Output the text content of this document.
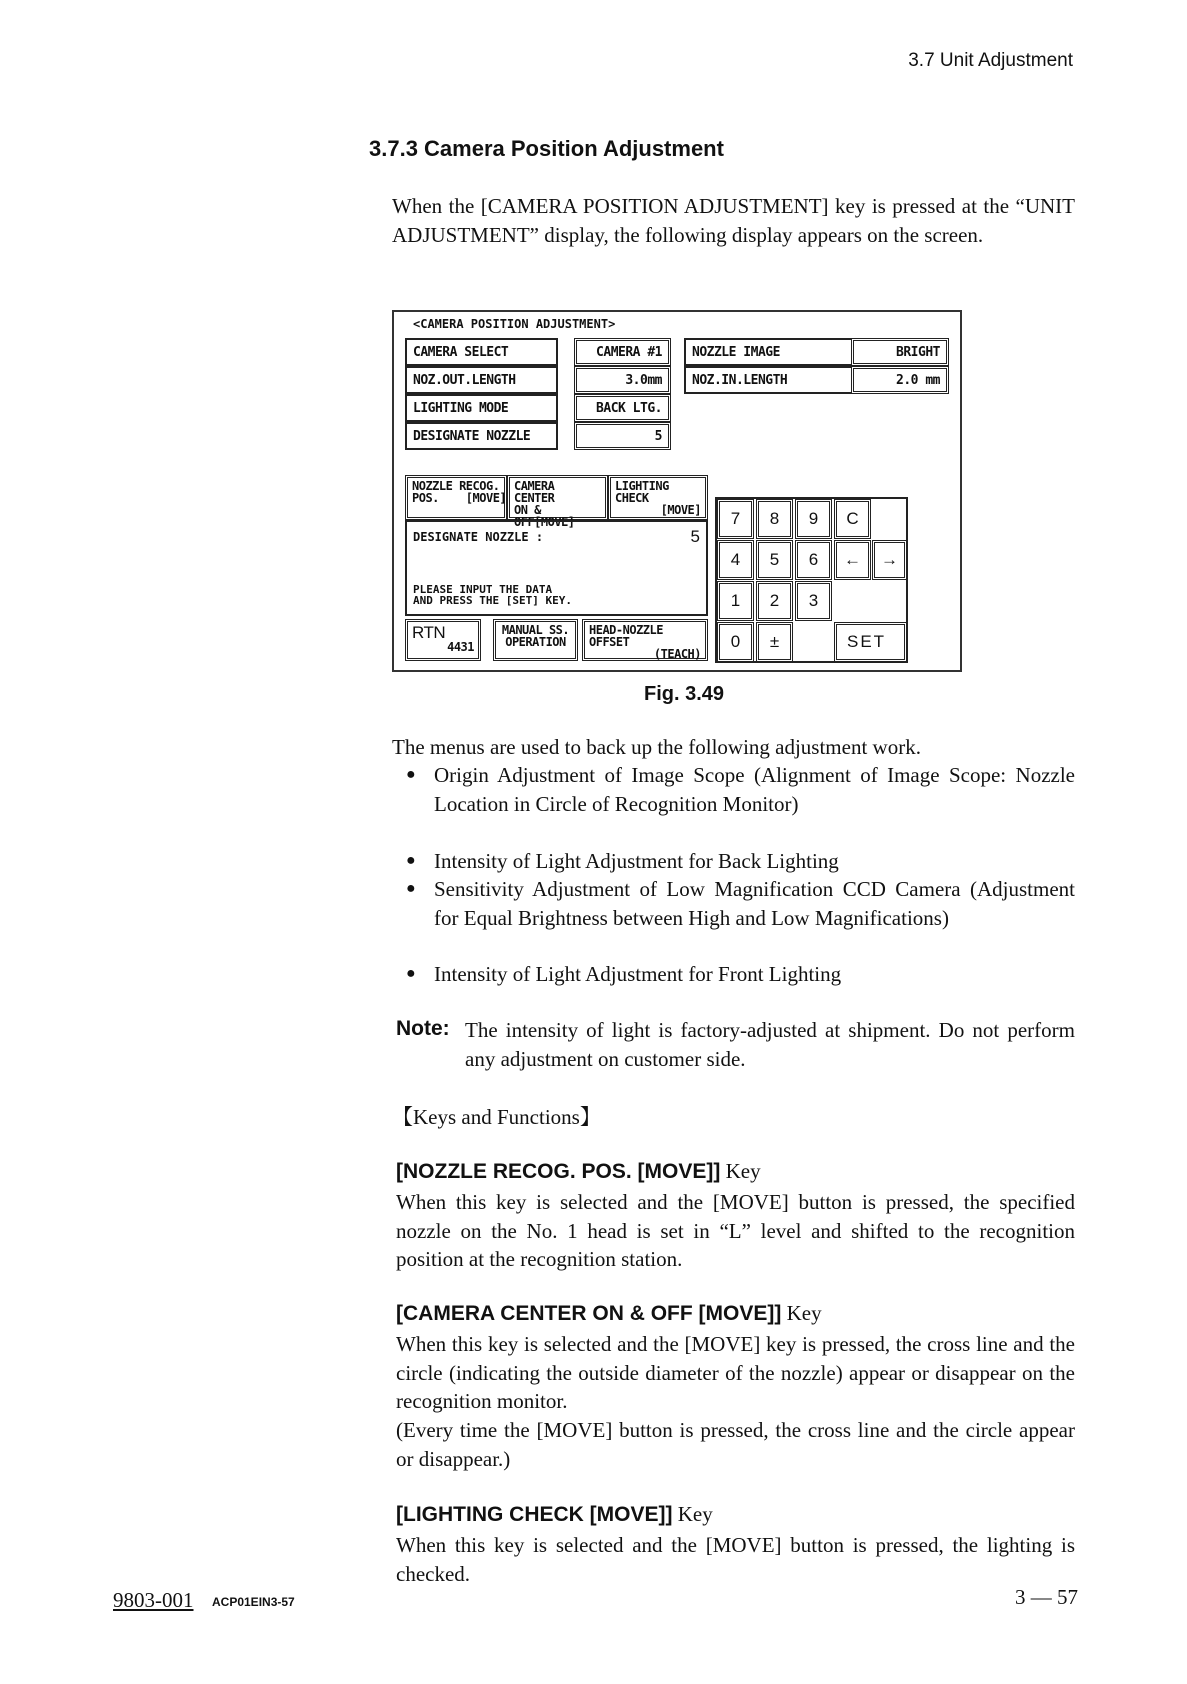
3.7 Unit Adjustment
3.7.3 Camera Position Adjustment
When the [CAMERA POSITION ADJUSTMENT] key is pressed at the “UNIT ADJUSTMENT” display, the following display appears on the screen.
<CAMERA POSITION ADJUSTMENT>
CAMERA SELECT	CAMERA #1
NOZ.OUT.LENGTH	3.0mm
LIGHTING MODE	BACK LTG.
DESIGNATE NOZZLE	5
NOZZLE IMAGE	BRIGHT
NOZ.IN.LENGTH	2.0 mm
NOZZLE RECOG.
POS.    [MOVE]
CAMERA CENTER
ON & OFF[MOVE]
LIGHTING CHECK
[MOVE]
DESIGNATE NOZZLE :	5
PLEASE INPUT THE DATA
AND PRESS THE [SET] KEY.
RTN
4431
MANUAL SS.
OPERATION
HEAD-NOZZLE OFFSET
(TEACH)
7	8	9	C
4	5	6	←	→
1	2	3
0	±	SET
Fig. 3.49
The menus are used to back up the following adjustment work.
● Origin Adjustment of Image Scope (Alignment of Image Scope: Nozzle Location in Circle of Recognition Monitor)
● Intensity of Light Adjustment for Back Lighting
● Sensitivity Adjustment of Low Magnification CCD Camera (Adjustment for Equal Brightness between High and Low Magnifications)
● Intensity of Light Adjustment for Front Lighting
Note: The intensity of light is factory-adjusted at shipment. Do not perform any adjustment on customer side.
【Keys and Functions】
[NOZZLE RECOG. POS. [MOVE]] Key
When this key is selected and the [MOVE] button is pressed, the specified nozzle on the No. 1 head is set in “L” level and shifted to the recognition position at the recognition station.
[CAMERA CENTER ON & OFF [MOVE]] Key
When this key is selected and the [MOVE] key is pressed, the cross line and the circle (indicating the outside diameter of the nozzle) appear or disappear on the recognition monitor.
(Every time the [MOVE] button is pressed, the cross line and the circle appear or disappear.)
[LIGHTING CHECK [MOVE]] Key
When this key is selected and the [MOVE] button is pressed, the lighting is checked.
9803-001 ACP01EIN3-57	3 — 57
